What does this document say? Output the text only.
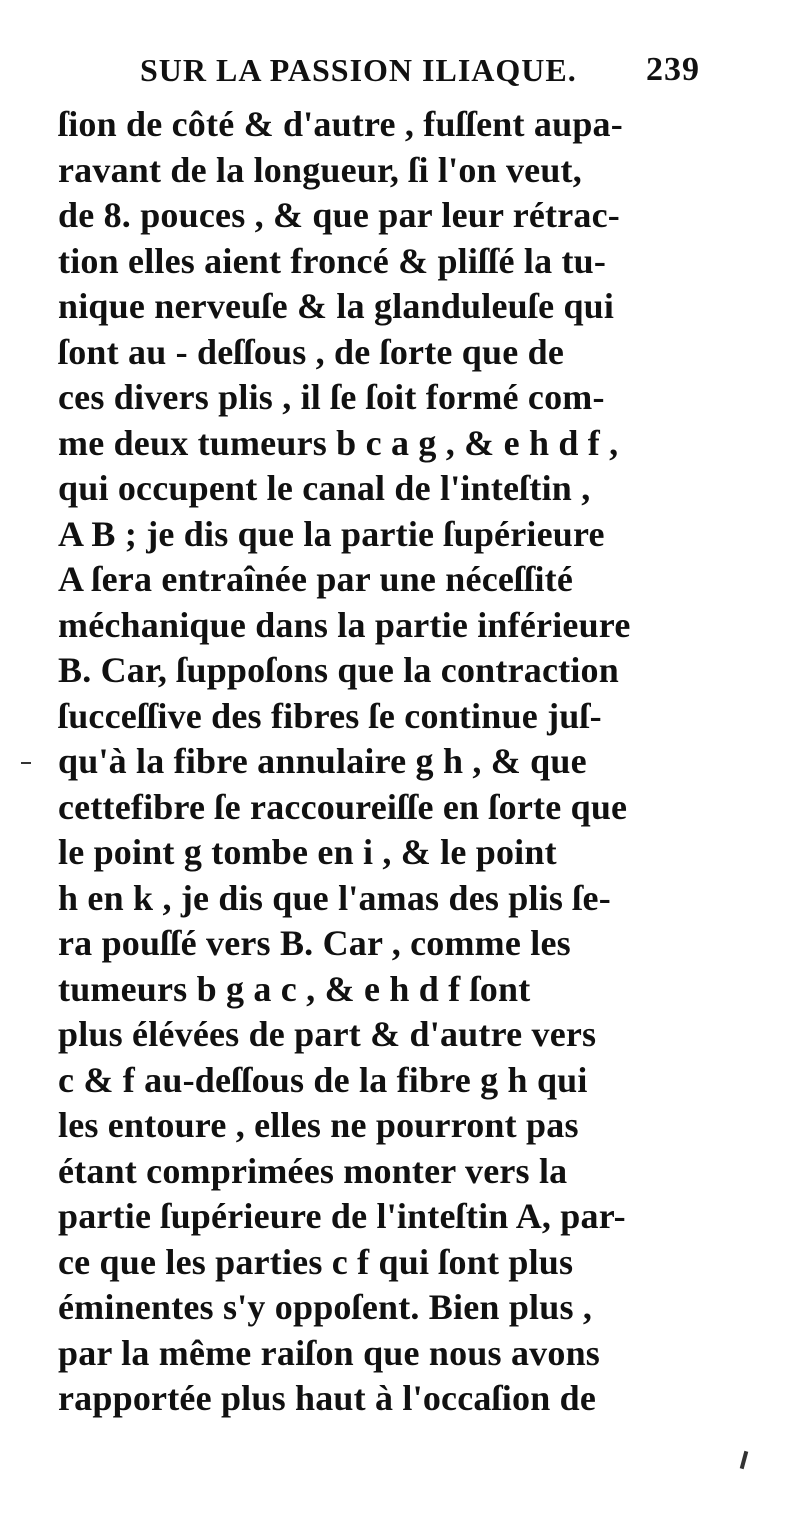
SUR LA PASSION ILIAQUE. 239
ſion de côté & d'autre , fuſſent aupa-
ravant de la longueur, ſi l'on veut,
de 8. pouces , & que par leur rétrac-
tion elles aient froncé & pliſſé la tu-
nique nerveuſe & la glanduleuſe qui
ſont au - deſſous , de ſorte que de
ces divers plis , il ſe ſoit formé com-
me deux tumeurs b c a g , & e h d f ,
qui occupent le canal de l'inteſtin ,
A B ; je dis que la partie ſupérieure
A ſera entraînée par une néceſſité
méchanique dans la partie inférieure
B. Car, ſuppoſons que la contraction
ſucceſſive des fibres ſe continue juſ-
qu'à la fibre annulaire g h , & que
cettefibre ſe raccoureiſſe en ſorte que
le point g tombe en i , & le point
h en k , je dis que l'amas des plis ſe-
ra pouſſé vers B. Car , comme les
tumeurs b g a c , & e h d f ſont
plus élévées de part & d'autre vers
c & f au-deſſous de la fibre g h qui
les entoure , elles ne pourront pas
étant comprimées monter vers la
partie ſupérieure de l'inteſtin A, par-
ce que les parties c f qui ſont plus
éminentes s'y oppoſent. Bien plus ,
par la même raiſon que nous avons
rapportée plus haut à l'occaſion de
